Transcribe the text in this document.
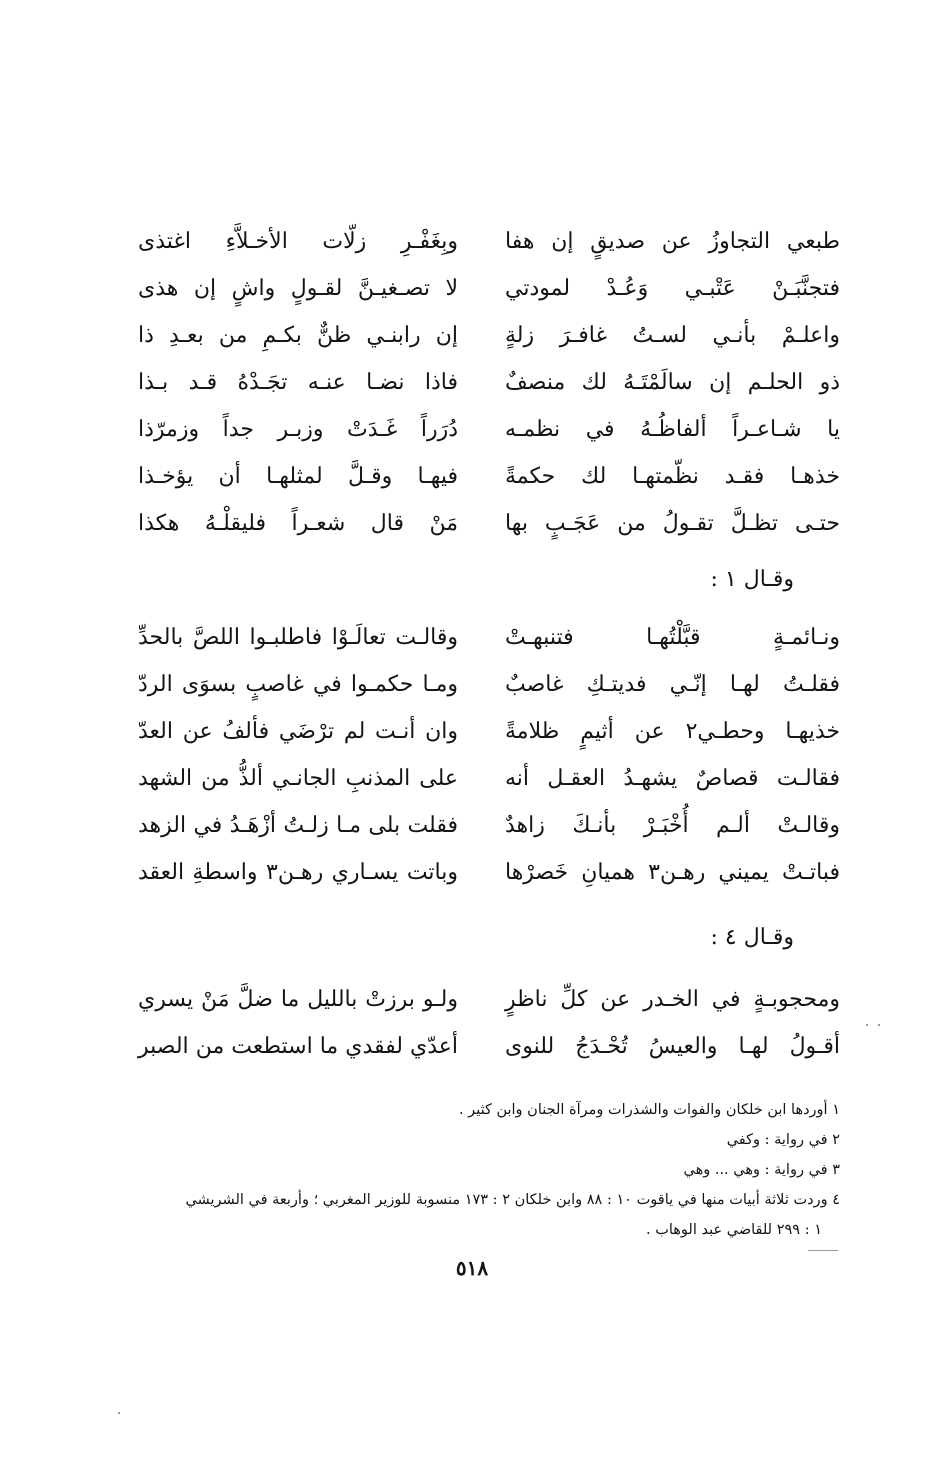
طبعي التجاوزُ عن صديقٍ إن هفا
وبِغَفْـرِ زلّات الأخـلاَّءِ اغتذى
فتجنَّبَـنْ عَتْبـي وَعُـدْ لمودتي
لا تصـغيـنَّ لقـولٍ واشٍ إن هذى
واعلـمْ بأنـي لسـتُ غافـرَ زلةٍ
إن رابنـي ظنٌّ بكـمِ من بعـدِ ذا
ذو الحلـم إن سالَمْتَـهُ لك منصفٌ
فاذا نضـا عنـه تجَـدْهُ قـد بـذا
يا شـاعـراً ألفاظُـهُ في نظمـه
دُرَراً غَـدَتْ وزبـر جداً وزمرّذا
خذهـا فقـد نظّمتهـا لك حكمةً
فيهـا وقـلَّ لمثلهـا أن يؤخـذا
حتـى تظـلَّ تقـولُ من عَجَـبٍ بها
مَنْ قال شعـراً فليقلْـهُ هكذا
وقـال ١ :
ونـائمـةٍ قبَّلْتُهـا فتنبهـتْ
وقالـت تعالَـوْا فاطلبـوا اللصَّ بالحدِّ
فقلـتُ لهـا إنّـي فديتـكِ غاصبٌ
ومـا حكمـوا في غاصبٍ بسوَى الردّ
خذيهـا وحطـي٢ عن أثيمٍ ظلامةً
وان أنـت لم ترْضَي فألفُ عن العدّ
فقالـت قصاصٌ يشهـدُ العقـل أنه
على المذنبِ الجانـي ألذُّ من الشهد
وقالـتْ ألـم أُخْبَـرْ بأنـكَ زاهدٌ
فقلت بلى مـا زلـتُ أزْهَـدُ في الزهد
فباتـتْ يميني رهـن٣ هميانِ خَصرْها
وباتت يسـاري رهـن٣ واسطةِ العقد
وقـال ٤ :
ومحجوبـةٍ في الخـدر عن كلِّ ناظرٍ
ولـو برزتْ بالليل ما ضلَّ مَنْ يسري
أقـولُ لهـا والعيسُ تُحْـدَجُ للنوى
أعدّي لفقدي ما استطعت من الصبر
١ أوردها ابن خلكان والفوات والشذرات ومرآة الجنان وابن كثير .
٢ في رواية : وكفي
٣ في رواية : وهي ... وهي
٤ وردت ثلاثة أبيات منها في ياقوت ١٠ : ٨٨ وابن خلكان ٢ : ١٧٣ منسوبة للوزير المغربي ؛ وأربعة في الشريشي
١ : ٢٩٩ للقاضي عبد الوهاب .
٥١٨
